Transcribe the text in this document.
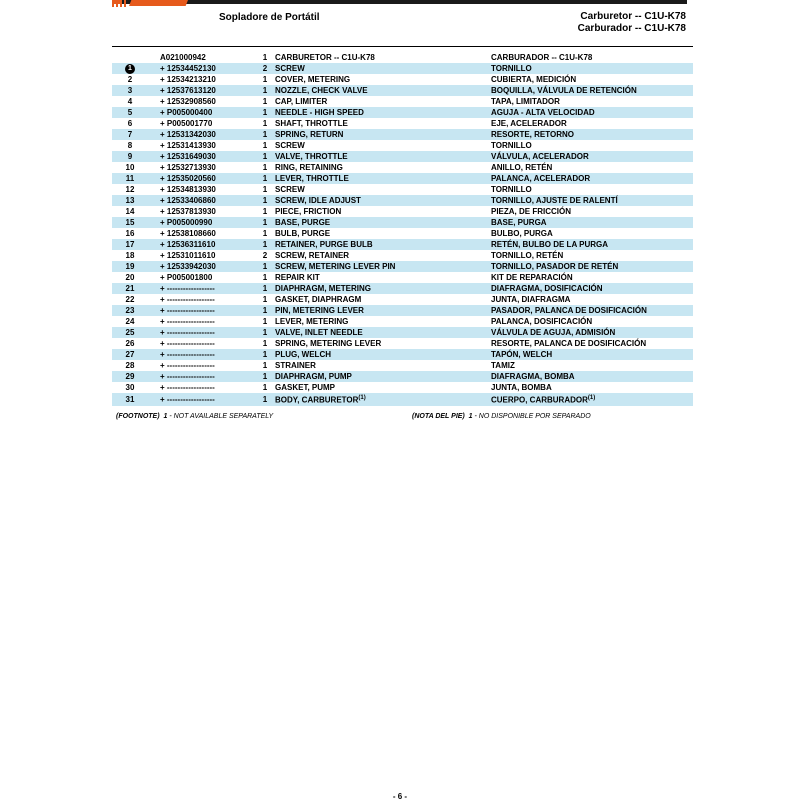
Sopladore de Portátil	Carburetor -- C1U-K78
Carburador -- C1U-K78
	A021000942	1	CARBURETOR -- C1U-K78	CARBURADOR -- C1U-K78
1	+ 12534452130	2	SCREW	TORNILLO
2	+ 12534213210	1	COVER, METERING	CUBIERTA, MEDICIÓN
3	+ 12537613120	1	NOZZLE, CHECK VALVE	BOQUILLA, VÁLVULA DE RETENCIÓN
4	+ 12532908560	1	CAP, LIMITER	TAPA, LIMITADOR
5	+ P005000400	1	NEEDLE - HIGH SPEED	AGUJA - ALTA VELOCIDAD
6	+ P005001770	1	SHAFT, THROTTLE	EJE, ACELERADOR
7	+ 12531342030	1	SPRING, RETURN	RESORTE, RETORNO
8	+ 12531413930	1	SCREW	TORNILLO
9	+ 12531649030	1	VALVE, THROTTLE	VÁLVULA, ACELERADOR
10	+ 12532713930	1	RING, RETAINING	ANILLO, RETÉN
11	+ 12535020560	1	LEVER, THROTTLE	PALANCA, ACELERADOR
12	+ 12534813930	1	SCREW	TORNILLO
13	+ 12533406860	1	SCREW, IDLE ADJUST	TORNILLO, AJUSTE DE RALENTÍ
14	+ 12537813930	1	PIECE, FRICTION	PIEZA, DE FRICCIÓN
15	+ P005000990	1	BASE, PURGE	BASE, PURGA
16	+ 12538108660	1	BULB, PURGE	BULBO, PURGA
17	+ 12536311610	1	RETAINER, PURGE BULB	RETÉN, BULBO DE LA PURGA
18	+ 12531011610	2	SCREW, RETAINER	TORNILLO, RETÉN
19	+ 12533942030	1	SCREW, METERING LEVER PIN	TORNILLO, PASADOR DE RETÉN
20	+ P005001800	1	REPAIR KIT	KIT DE REPARACIÓN
21	+ ------------------	1	DIAPHRAGM, METERING	DIAFRAGMA, DOSIFICACIÓN
22	+ ------------------	1	GASKET, DIAPHRAGM	JUNTA, DIAFRAGMA
23	+ ------------------	1	PIN, METERING LEVER	PASADOR, PALANCA DE DOSIFICACIÓN
24	+ ------------------	1	LEVER, METERING	PALANCA, DOSIFICACIÓN
25	+ ------------------	1	VALVE, INLET NEEDLE	VÁLVULA DE AGUJA, ADMISIÓN
26	+ ------------------	1	SPRING, METERING LEVER	RESORTE, PALANCA DE DOSIFICACIÓN
27	+ ------------------	1	PLUG, WELCH	TAPÓN, WELCH
28	+ ------------------	1	STRAINER	TAMIZ
29	+ ------------------	1	DIAPHRAGM, PUMP	DIAFRAGMA, BOMBA
30	+ ------------------	1	GASKET, PUMP	JUNTA, BOMBA
31	+ ------------------	1	BODY, CARBURETOR$^{(1)}$	CUERPO, CARBURADOR$^{(1)}$
(FOOTNOTE) 1 - NOT AVAILABLE SEPARATELY	(NOTA DEL PIE) 1 - NO DISPONIBLE POR SEPARADO
- 6 -
